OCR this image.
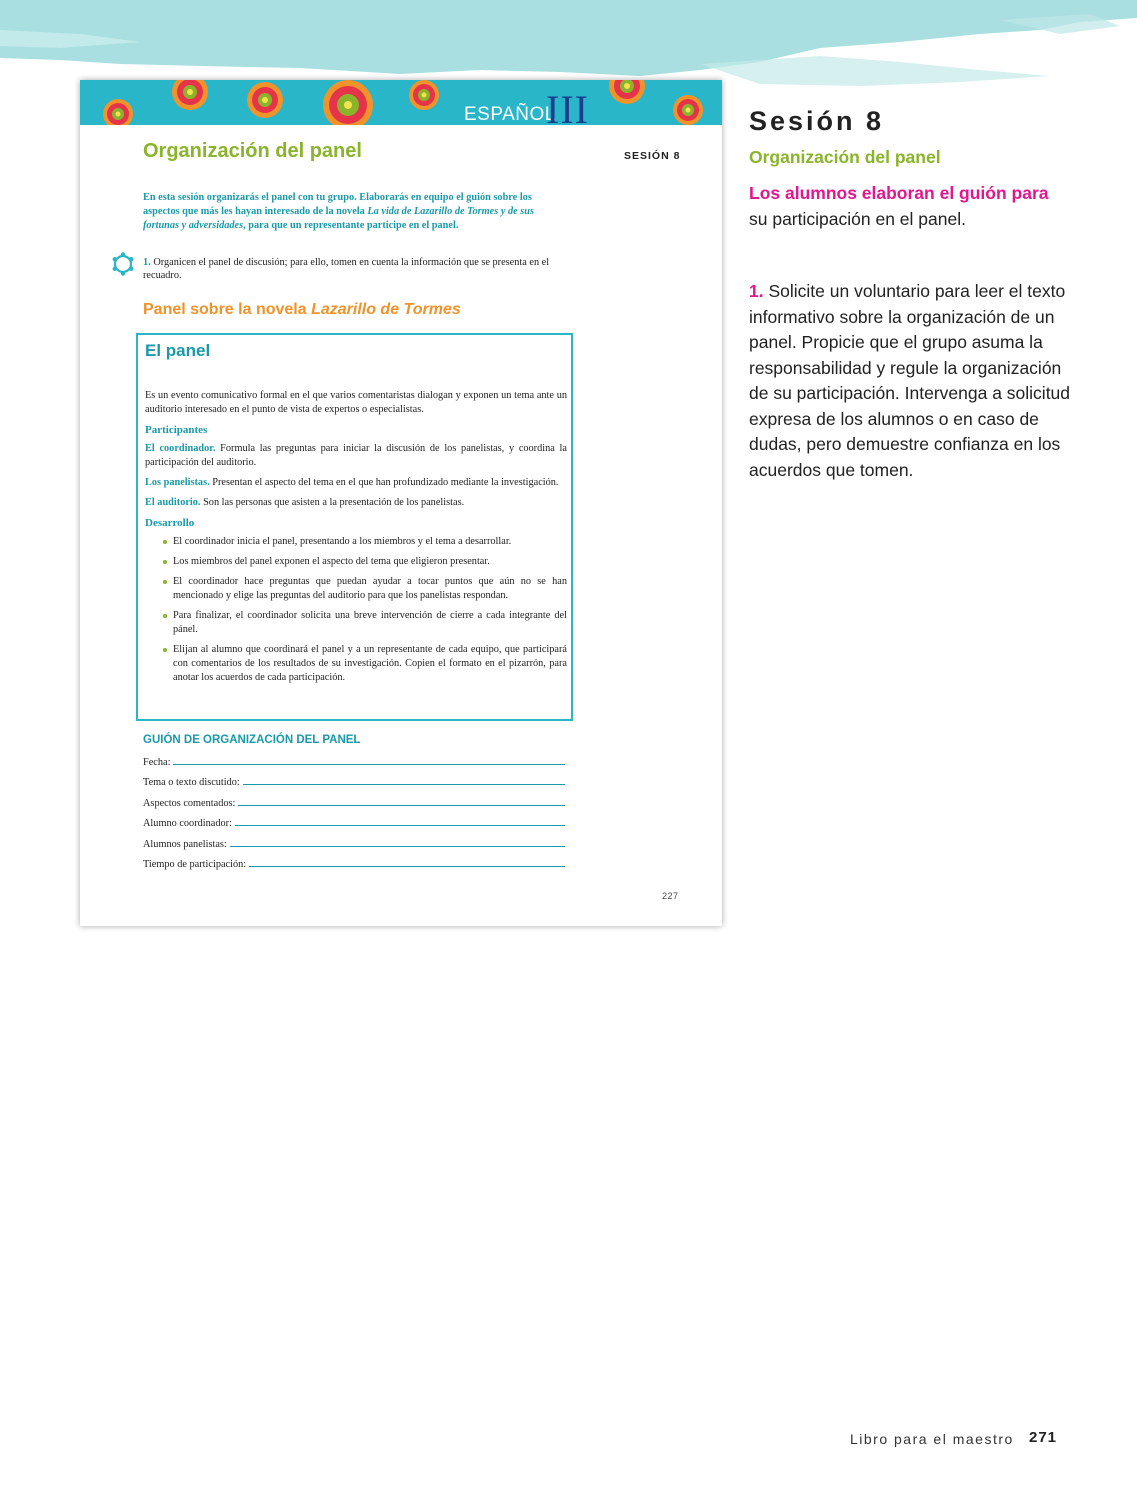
ESPAÑOL
III
Organización del panel	SESIÓN 8
En esta sesión organizarás el panel con tu grupo. Elaborarás en equipo el guión sobre los aspectos que más les hayan interesado de la novela La vida de Lazarillo de Tormes y de sus fortunas y adversidades, para que un representante participe en el panel.
1. Organicen el panel de discusión; para ello, tomen en cuenta la información que se presenta en el recuadro.
Panel sobre la novela Lazarillo de Tormes
El panel

Es un evento comunicativo formal en el que varios comentaristas dialogan y exponen un tema ante un auditorio interesado en el punto de vista de expertos o especialistas.

Participantes

El coordinador. Formula las preguntas para iniciar la discusión de los panelistas, y coordina la participación del auditorio.

Los panelistas. Presentan el aspecto del tema en el que han profundizado mediante la investigación.

El auditorio. Son las personas que asisten a la presentación de los panelistas.

Desarrollo
El coordinador inicia el panel, presentando a los miembros y el tema a desarrollar.
Los miembros del panel exponen el aspecto del tema que eligieron presentar.
El coordinador hace preguntas que puedan ayudar a tocar puntos que aún no se han mencionado y elige las preguntas del auditorio para que los panelistas respondan.
Para finalizar, el coordinador solicita una breve intervención de cierre a cada integrante del pánel.
Elijan al alumno que coordinará el panel y a un representante de cada equipo, que participará con comentarios de los resultados de su investigación. Copien el formato en el pizarrón, para anotar los acuerdos de cada participación.
GUIÓN DE ORGANIZACIÓN DEL PANEL
Fecha:
Tema o texto discutido:
Aspectos comentados:
Alumno coordinador:
Alumnos panelistas:
Tiempo de participación:
227
Sesión 8
Organización del panel
Los alumnos elaboran el guión para
su participación en el panel.
1. Solicite un voluntario para leer el texto informativo sobre la organización de un panel. Propicie que el grupo asuma la responsabilidad y regule la organización de su participación. Intervenga a solicitud expresa de los alumnos o en caso de dudas, pero demuestre confianza en los acuerdos que tomen.
Libro para el maestro 271
